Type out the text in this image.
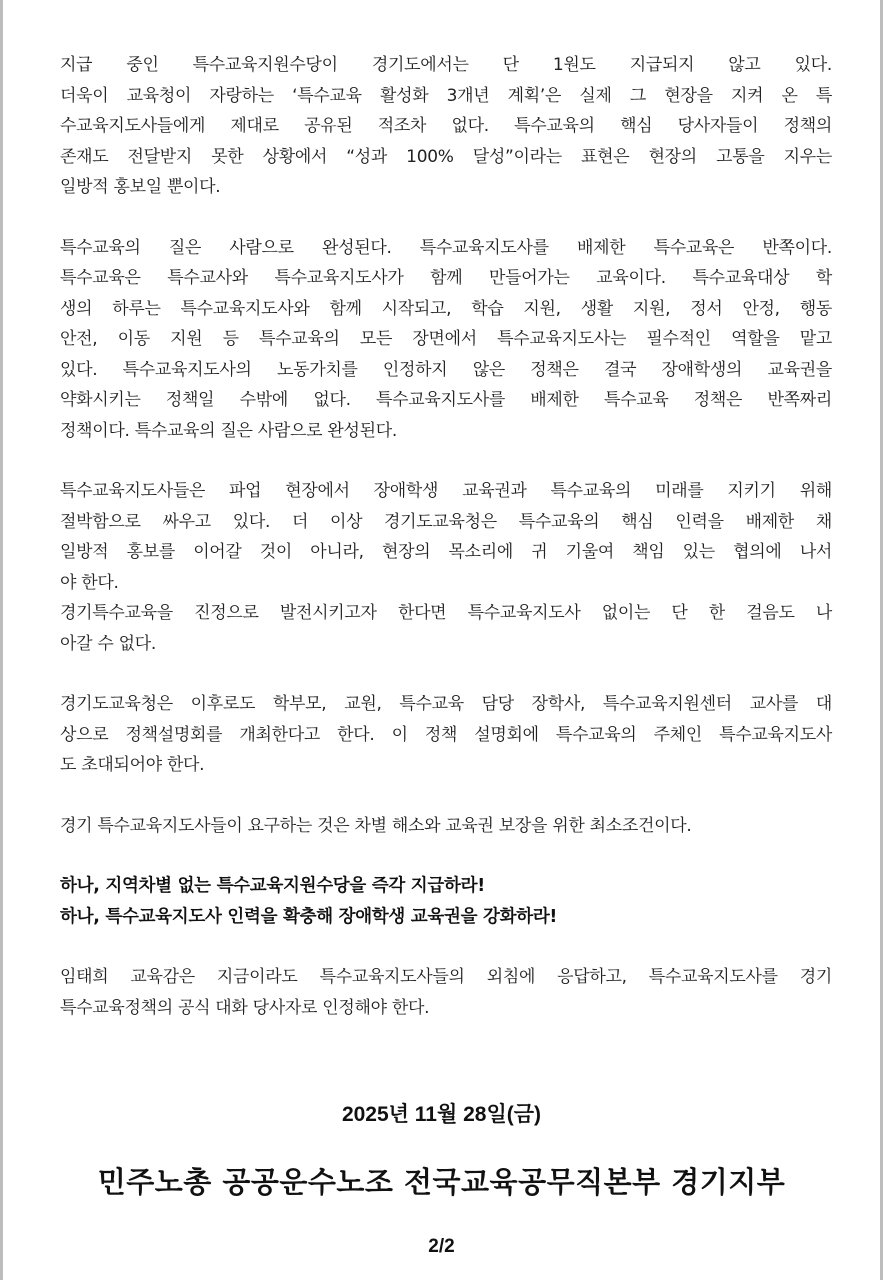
지급 중인 특수교육지원수당이 경기도에서는 단 1원도 지급되지 않고 있다.
더욱이 교육청이 자랑하는 ‘특수교육 활성화 3개년 계획’은 실제 그 현장을 지켜 온 특
수교육지도사들에게 제대로 공유된 적조차 없다. 특수교육의 핵심 당사자들이 정책의
존재도 전달받지 못한 상황에서 “성과 100% 달성”이라는 표현은 현장의 고통을 지우는
일방적 홍보일 뿐이다.
특수교육의 질은 사람으로 완성된다. 특수교육지도사를 배제한 특수교육은 반쪽이다.
특수교육은 특수교사와 특수교육지도사가 함께 만들어가는 교육이다. 특수교육대상 학
생의 하루는 특수교육지도사와 함께 시작되고, 학습 지원, 생활 지원, 정서 안정, 행동
안전, 이동 지원 등 특수교육의 모든 장면에서 특수교육지도사는 필수적인 역할을 맡고
있다. 특수교육지도사의 노동가치를 인정하지 않은 정책은 결국 장애학생의 교육권을
약화시키는 정책일 수밖에 없다. 특수교육지도사를 배제한 특수교육 정책은 반쪽짜리
정책이다. 특수교육의 질은 사람으로 완성된다.
특수교육지도사들은 파업 현장에서 장애학생 교육권과 특수교육의 미래를 지키기 위해
절박함으로 싸우고 있다. 더 이상 경기도교육청은 특수교육의 핵심 인력을 배제한 채
일방적 홍보를 이어갈 것이 아니라, 현장의 목소리에 귀 기울여 책임 있는 협의에 나서
야 한다.
경기특수교육을 진정으로 발전시키고자 한다면 특수교육지도사 없이는 단 한 걸음도 나
아갈 수 없다.
경기도교육청은 이후로도 학부모, 교원, 특수교육 담당 장학사, 특수교육지원센터 교사를 대
상으로 정책설명회를 개최한다고 한다. 이 정책 설명회에 특수교육의 주체인 특수교육지도사
도 초대되어야 한다.
경기 특수교육지도사들이 요구하는 것은 차별 해소와 교육권 보장을 위한 최소조건이다.
하나, 지역차별 없는 특수교육지원수당을 즉각 지급하라!
하나, 특수교육지도사 인력을 확충해 장애학생 교육권을 강화하라!
임태희 교육감은 지금이라도 특수교육지도사들의 외침에 응답하고, 특수교육지도사를 경기
특수교육정책의 공식 대화 당사자로 인정해야 한다.
2025년 11월 28일(금)
민주노총 공공운수노조 전국교육공무직본부 경기지부
2/2
